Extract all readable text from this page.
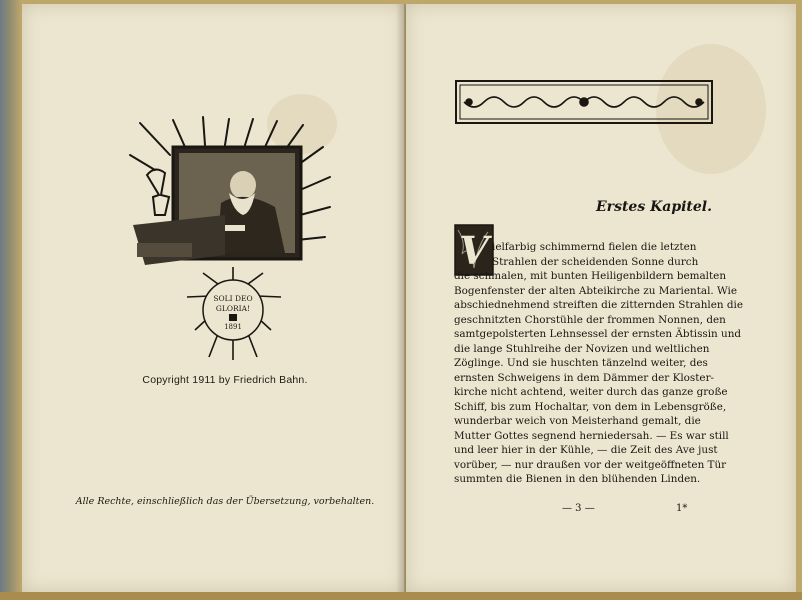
SOLI DEO
GLORIA!
1891
Copyright 1911 by Friedrich Bahn.
Alle Rechte, einschließlich das der Übersetzung, vorbehalten.
Erstes Kapitel.
V ielfarbig schimmernd fielen die letzten
Strahlen der scheidenden Sonne durch
die schmalen, mit bunten Heiligenbildern bemalten
Bogenfenster der alten Abteikirche zu Mariental. Wie
abschiednehmend streiften die zitternden Strahlen die
geschnitzten Chorstühle der frommen Nonnen, den
samtgepolsterten Lehnsessel der ernsten Äbtissin und
die lange Stuhlreihe der Novizen und weltlichen
Zöglinge. Und sie huschten tänzelnd weiter, des
ernsten Schweigens in dem Dämmer der Kloster-
kirche nicht achtend, weiter durch das ganze große
Schiff, bis zum Hochaltar, von dem in Lebensgröße,
wunderbar weich von Meisterhand gemalt, die
Mutter Gottes segnend herniedersah. — Es war still
und leer hier in der Kühle, — die Zeit des Ave just
vorüber, — nur draußen vor der weitgeöffneten Tür
summten die Bienen in den blühenden Linden.
— 3 —	1*
